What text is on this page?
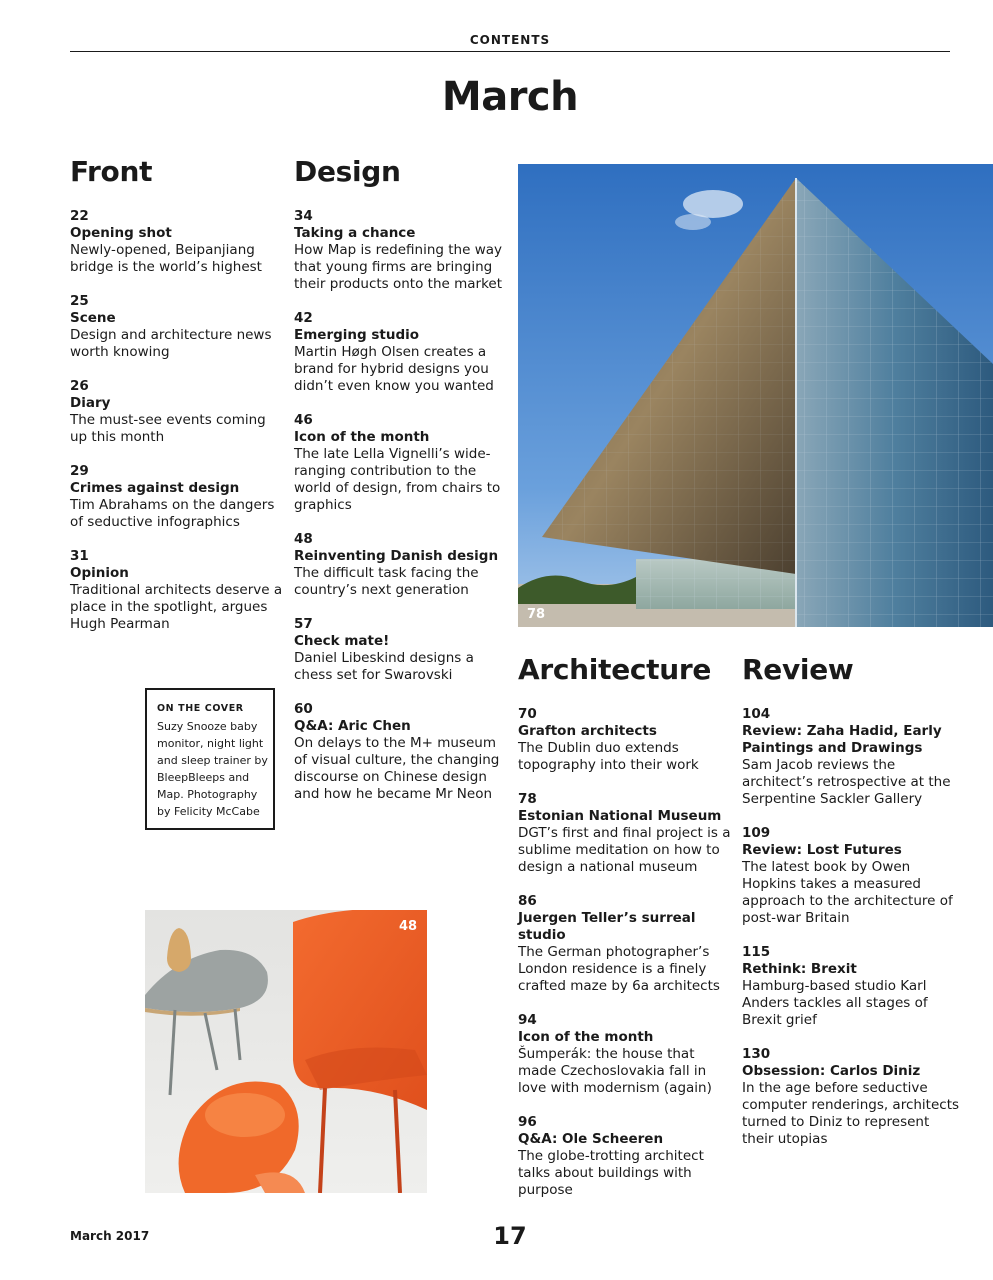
CONTENTS
March
Front
22
Opening shot
Newly-opened, Beipanjiang bridge is the world’s highest
25
Scene
Design and architecture news worth knowing
26
Diary
The must-see events coming up this month
29
Crimes against design
Tim Abrahams on the dangers of seductive infographics
31
Opinion
Traditional architects deserve a place in the spotlight, argues Hugh Pearman
Design
34
Taking a chance
How Map is redefining the way that young firms are bringing their products onto the market
42
Emerging studio
Martin Høgh Olsen creates a brand for hybrid designs you didn’t even know you wanted
46
Icon of the month
The late Lella Vignelli’s wide-ranging contribution to the world of design, from chairs to graphics
48
Reinventing Danish design
The difficult task facing the country’s next generation
57
Check mate!
Daniel Libeskind designs a chess set for Swarovski
60
Q&A: Aric Chen
On delays to the M+ museum of visual culture, the changing discourse on Chinese design and how he became Mr Neon
Architecture
70
Grafton architects
The Dublin duo extends topography into their work
78
Estonian National Museum
DGT’s first and final project is a sublime meditation on how to design a national museum
86
Juergen Teller’s surreal studio
The German photographer’s London residence is a finely crafted maze by 6a architects
94
Icon of the month
Šumperák: the house that made Czechoslovakia fall in love with modernism (again)
96
Q&A: Ole Scheeren
The globe-trotting architect talks about buildings with purpose
Review
104
Review: Zaha Hadid, Early Paintings and Drawings
Sam Jacob reviews the architect’s retrospective at the Serpentine Sackler Gallery
109
Review: Lost Futures
The latest book by Owen Hopkins takes a measured approach to the architecture of post-war Britain
115
Rethink: Brexit
Hamburg-based studio Karl Anders tackles all stages of Brexit grief
130
Obsession: Carlos Diniz
In the age before seductive computer renderings, architects turned to Diniz to represent their utopias
ON THE COVER
Suzy Snooze baby monitor, night light and sleep trainer by BleepBleeps and Map. Photography by Felicity McCabe
78
48
March 2017	17
